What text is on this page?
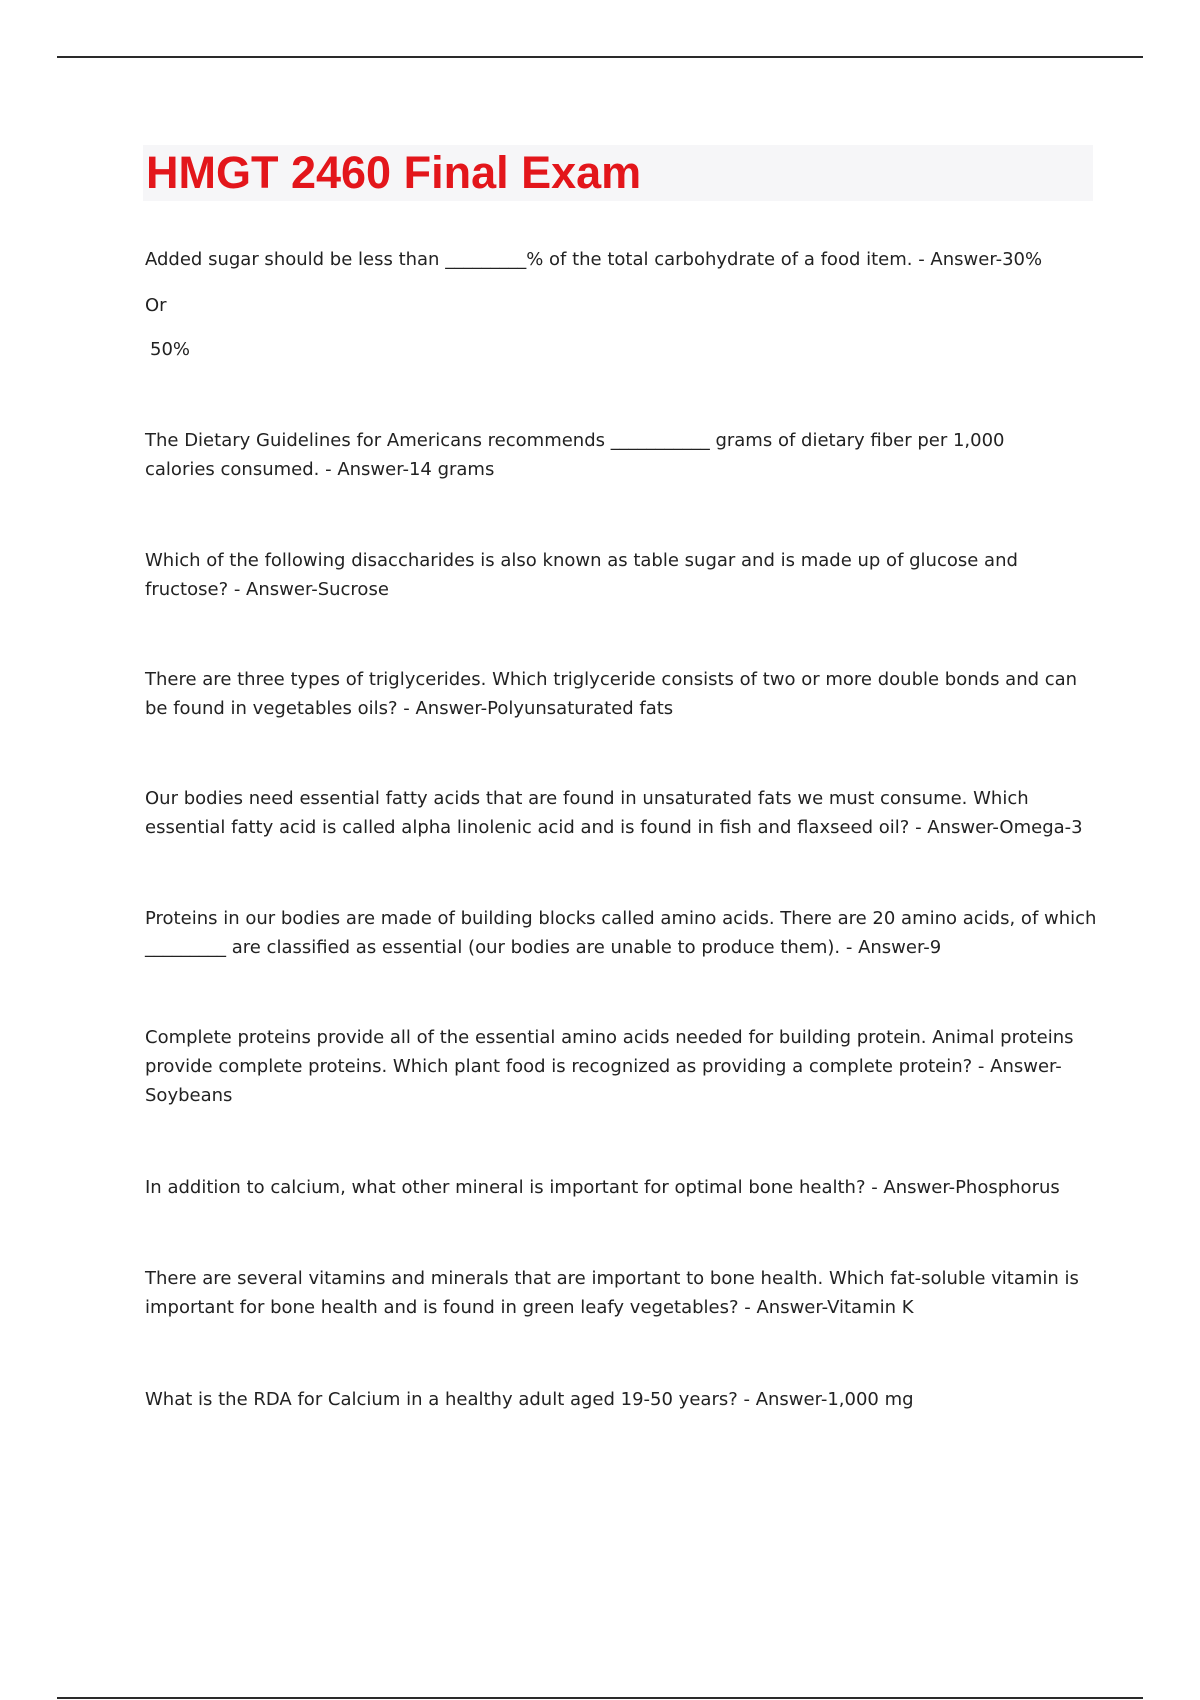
HMGT 2460 Final Exam

Added sugar should be less than _________% of the total carbohydrate of a food item. - Answer-30%

Or

50%

The Dietary Guidelines for Americans recommends ___________ grams of dietary fiber per 1,000
calories consumed. - Answer-14 grams

Which of the following disaccharides is also known as table sugar and is made up of glucose and
fructose? - Answer-Sucrose

There are three types of triglycerides. Which triglyceride consists of two or more double bonds and can
be found in vegetables oils? - Answer-Polyunsaturated fats

Our bodies need essential fatty acids that are found in unsaturated fats we must consume. Which
essential fatty acid is called alpha linolenic acid and is found in fish and flaxseed oil? - Answer-Omega-3

Proteins in our bodies are made of building blocks called amino acids. There are 20 amino acids, of which
_________ are classified as essential (our bodies are unable to produce them). - Answer-9

Complete proteins provide all of the essential amino acids needed for building protein. Animal proteins
provide complete proteins. Which plant food is recognized as providing a complete protein? - Answer-
Soybeans

In addition to calcium, what other mineral is important for optimal bone health? - Answer-Phosphorus

There are several vitamins and minerals that are important to bone health. Which fat-soluble vitamin is
important for bone health and is found in green leafy vegetables? - Answer-Vitamin K

What is the RDA for Calcium in a healthy adult aged 19-50 years? - Answer-1,000 mg
